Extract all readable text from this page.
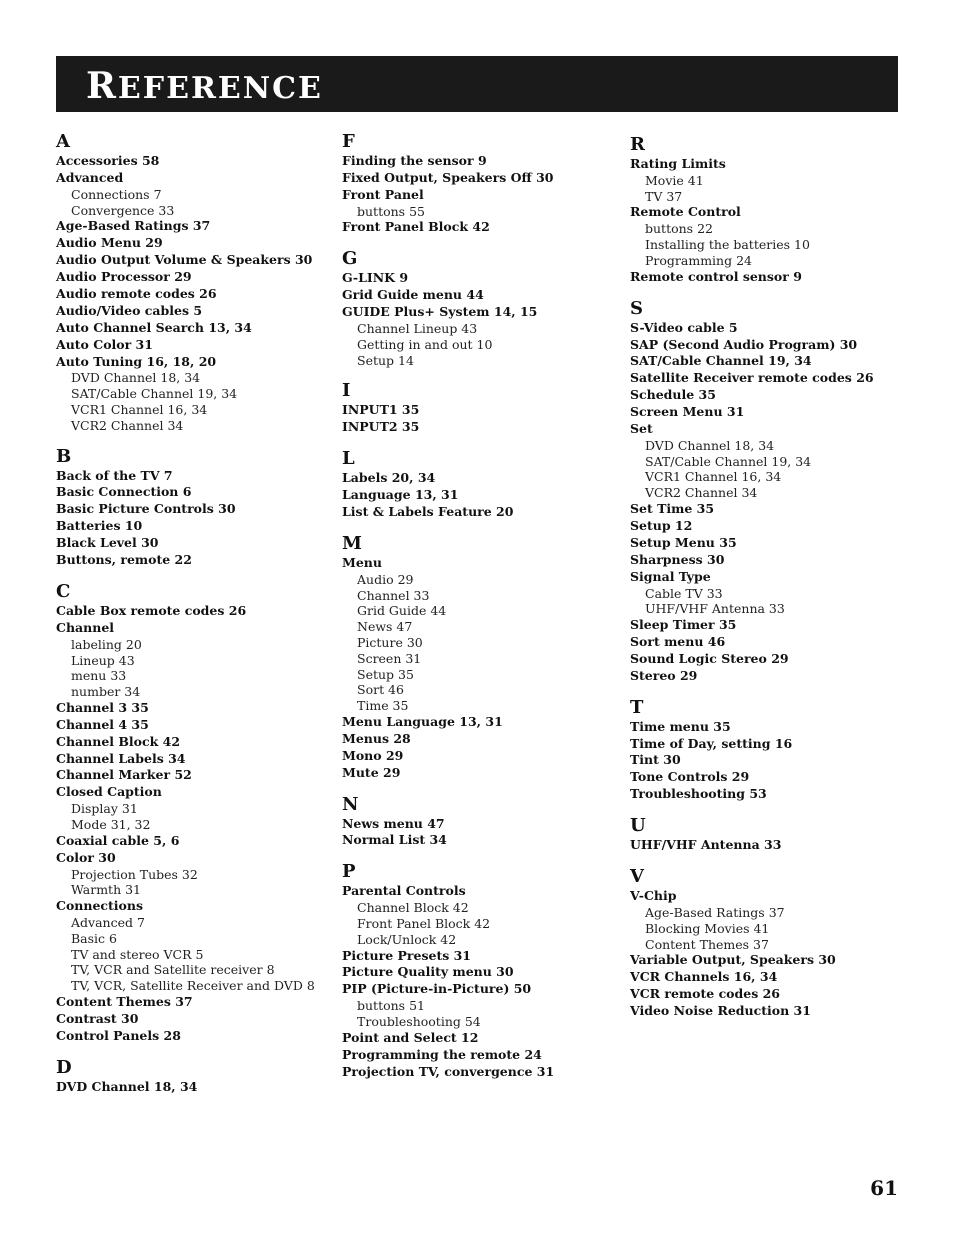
REFERENCE
A
Accessories 58
Advanced
Connections 7
Convergence 33
Age-Based Ratings 37
Audio Menu 29
Audio Output Volume & Speakers 30
Audio Processor 29
Audio remote codes 26
Audio/Video cables 5
Auto Channel Search 13, 34
Auto Color 31
Auto Tuning 16, 18, 20
DVD Channel 18, 34
SAT/Cable Channel 19, 34
VCR1 Channel 16, 34
VCR2 Channel 34
B
Back of the TV 7
Basic Connection 6
Basic Picture Controls 30
Batteries 10
Black Level 30
Buttons, remote 22
C
Cable Box remote codes 26
Channel
labeling 20
Lineup 43
menu 33
number 34
Channel 3 35
Channel 4 35
Channel Block 42
Channel Labels 34
Channel Marker 52
Closed Caption
Display 31
Mode 31, 32
Coaxial cable 5, 6
Color 30
Projection Tubes 32
Warmth 31
Connections
Advanced 7
Basic 6
TV and stereo VCR 5
TV, VCR and Satellite receiver 8
TV, VCR, Satellite Receiver and DVD 8
Content Themes 37
Contrast 30
Control Panels 28
D
DVD Channel 18, 34
F
Finding the sensor 9
Fixed Output, Speakers Off 30
Front Panel
buttons 55
Front Panel Block 42
G
G-LINK 9
Grid Guide menu 44
GUIDE Plus+ System 14, 15
Channel Lineup 43
Getting in and out 10
Setup 14
I
INPUT1 35
INPUT2 35
L
Labels 20, 34
Language 13, 31
List & Labels Feature 20
M
Menu
Audio 29
Channel 33
Grid Guide 44
News 47
Picture 30
Screen 31
Setup 35
Sort 46
Time 35
Menu Language 13, 31
Menus 28
Mono 29
Mute 29
N
News menu 47
Normal List 34
P
Parental Controls
Channel Block 42
Front Panel Block 42
Lock/Unlock 42
Picture Presets 31
Picture Quality menu 30
PIP (Picture-in-Picture) 50
buttons 51
Troubleshooting 54
Point and Select 12
Programming the remote 24
Projection TV, convergence 31
R
Rating Limits
Movie 41
TV 37
Remote Control
buttons 22
Installing the batteries 10
Programming 24
Remote control sensor 9
S
S-Video cable 5
SAP (Second Audio Program) 30
SAT/Cable Channel 19, 34
Satellite Receiver remote codes 26
Schedule 35
Screen Menu 31
Set
DVD Channel 18, 34
SAT/Cable Channel 19, 34
VCR1 Channel 16, 34
VCR2 Channel 34
Set Time 35
Setup 12
Setup Menu 35
Sharpness 30
Signal Type
Cable TV 33
UHF/VHF Antenna 33
Sleep Timer 35
Sort menu 46
Sound Logic Stereo 29
Stereo 29
T
Time menu 35
Time of Day, setting 16
Tint 30
Tone Controls 29
Troubleshooting 53
U
UHF/VHF Antenna 33
V
V-Chip
Age-Based Ratings 37
Blocking Movies 41
Content Themes 37
Variable Output, Speakers 30
VCR Channels 16, 34
VCR remote codes 26
Video Noise Reduction 31
61
